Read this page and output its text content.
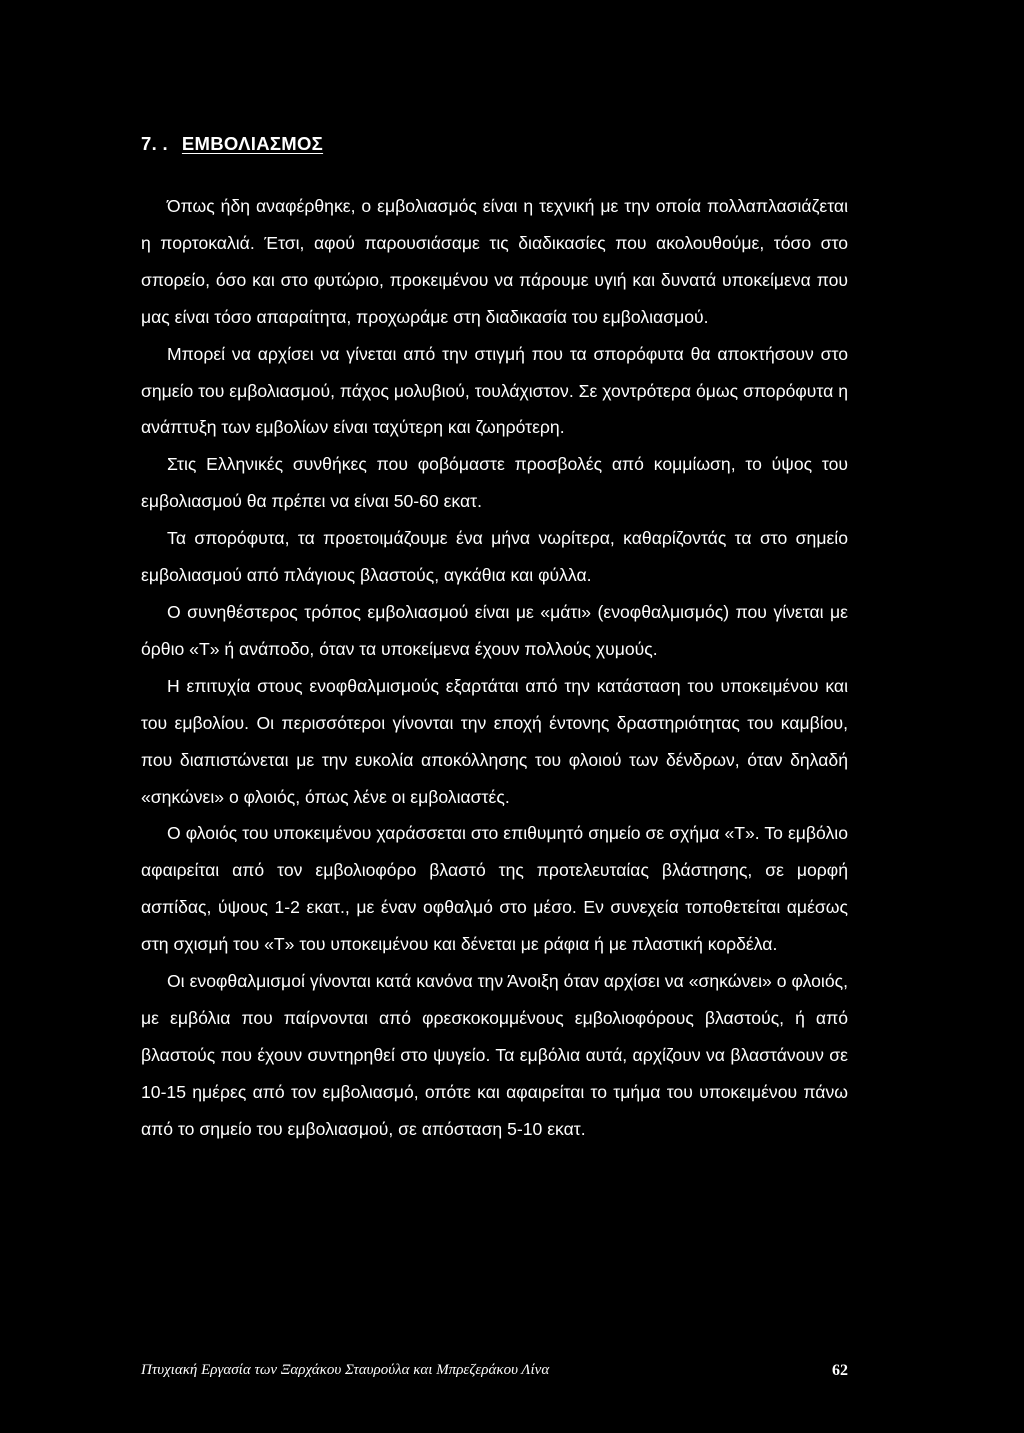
7. . ΕΜΒΟΛΙΑΣΜΟΣ

Όπως ήδη αναφέρθηκε, ο εμβολιασμός είναι η τεχνική με την οποία πολλαπλασιάζεται η πορτοκαλιά. Έτσι, αφού παρουσιάσαμε τις διαδικασίες που ακολουθούμε, τόσο στο σπορείο, όσο και στο φυτώριο, προκειμένου να πάρουμε υγιή και δυνατά υποκείμενα που μας είναι τόσο απαραίτητα, προχωράμε στη διαδικασία του εμβολιασμού.

Μπορεί να αρχίσει να γίνεται από την στιγμή που τα σπορόφυτα θα αποκτήσουν στο σημείο του εμβολιασμού, πάχος μολυβιού, τουλάχιστον. Σε χοντρότερα όμως σπορόφυτα η ανάπτυξη των εμβολίων είναι ταχύτερη και ζωηρότερη.

Στις Ελληνικές συνθήκες που φοβόμαστε προσβολές από κομμίωση, το ύψος του εμβολιασμού θα πρέπει να είναι 50-60 εκατ.

Τα σπορόφυτα, τα προετοιμάζουμε ένα μήνα νωρίτερα, καθαρίζοντάς τα στο σημείο εμβολιασμού από πλάγιους βλαστούς, αγκάθια και φύλλα.

Ο συνηθέστερος τρόπος εμβολιασμού είναι με «μάτι» (ενοφθαλμισμός) που γίνεται με όρθιο «Τ» ή ανάποδο, όταν τα υποκείμενα έχουν πολλούς χυμούς.

Η επιτυχία στους ενοφθαλμισμούς εξαρτάται από την κατάσταση του υποκειμένου και του εμβολίου. Οι περισσότεροι γίνονται την εποχή έντονης δραστηριότητας του καμβίου, που διαπιστώνεται με την ευκολία αποκόλλησης του φλοιού των δένδρων, όταν δηλαδή «σηκώνει» ο φλοιός, όπως λένε οι εμβολιαστές.

Ο φλοιός του υποκειμένου χαράσσεται στο επιθυμητό σημείο σε σχήμα «Τ». Το εμβόλιο αφαιρείται από τον εμβολιοφόρο βλαστό της προτελευταίας βλάστησης, σε μορφή ασπίδας, ύψους 1-2 εκατ., με έναν οφθαλμό στο μέσο. Εν συνεχεία τοποθετείται αμέσως στη σχισμή του «Τ» του υποκειμένου και δένεται με ράφια ή με πλαστική κορδέλα.

Οι ενοφθαλμισμοί γίνονται κατά κανόνα την Άνοιξη όταν αρχίσει να «σηκώνει» ο φλοιός, με εμβόλια που παίρνονται από φρεσκοκομμένους εμβολιοφόρους βλαστούς, ή από βλαστούς που έχουν συντηρηθεί στο ψυγείο. Τα εμβόλια αυτά, αρχίζουν να βλαστάνουν σε 10-15 ημέρες από τον εμβολιασμό, οπότε και αφαιρείται το τμήμα του υποκειμένου πάνω από το σημείο του εμβολιασμού, σε απόσταση 5-10 εκατ.

Πτυχιακή Εργασία των Ξαρχάκου Σταυρούλα και Μπρεζεράκου Λίνα	62
